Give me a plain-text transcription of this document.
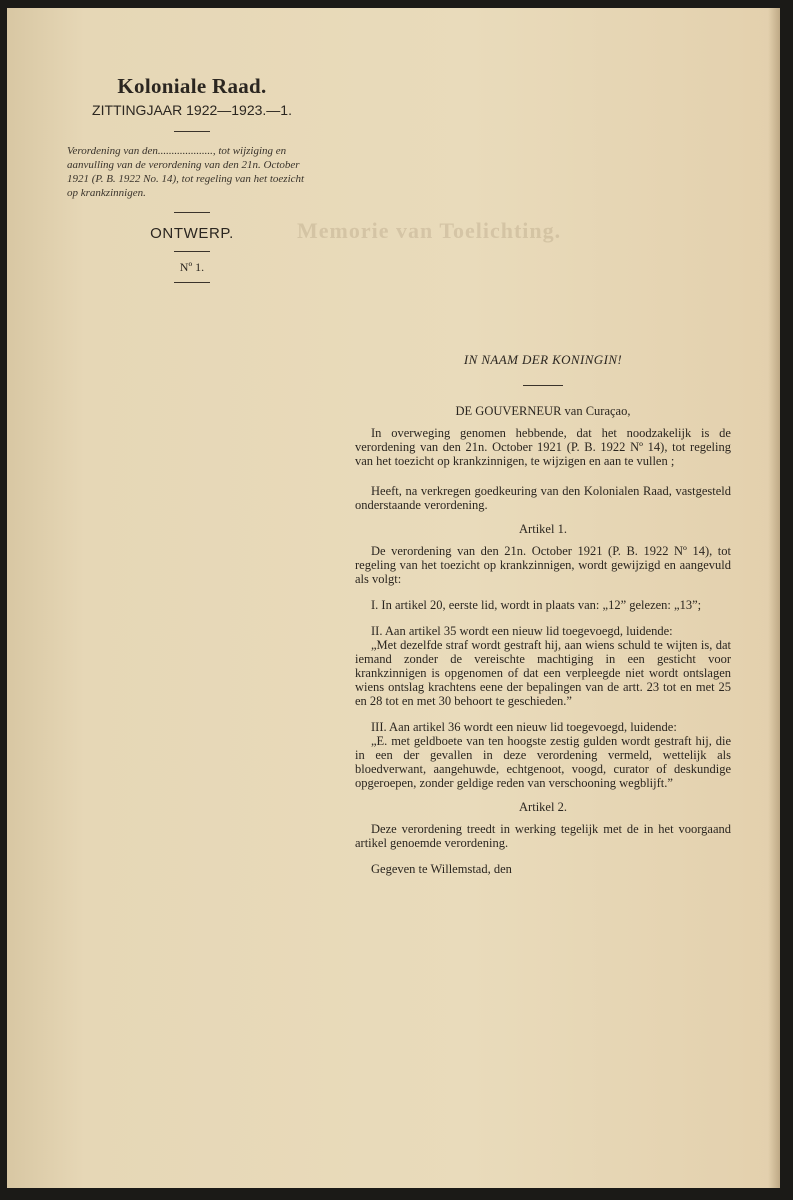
Memorie van Toelichting.

Koloniale Raad.

ZITTINGJAAR 1922—1923.—1.
Verordening van den...................., tot wijziging en aanvulling van de verordening van den 21n. October 1921 (P. B. 1922 No. 14), tot regeling van het toezicht op krankzinnigen.
ONTWERP.
Nº 1.
IN NAAM DER KONINGIN!
DE GOUVERNEUR van Curaçao,

In overweging genomen hebbende, dat het noodzakelijk is de verordening van den 21n. October 1921 (P. B. 1922 Nº 14), tot regeling van het toezicht op krankzinnigen, te wijzigen en aan te vullen ;

Heeft, na verkregen goedkeuring van den Kolonialen Raad, vastgesteld onderstaande verordening.

Artikel 1.

De verordening van den 21n. October 1921 (P. B. 1922 Nº 14), tot regeling van het toezicht op krankzinnigen, wordt gewijzigd en aangevuld als volgt:

I. In artikel 20, eerste lid, wordt in plaats van: „12” gelezen: „13”;

II. Aan artikel 35 wordt een nieuw lid toegevoegd, luidende:

„Met dezelfde straf wordt gestraft hij, aan wiens schuld te wijten is, dat iemand zonder de vereischte machtiging in een gesticht voor krankzinnigen is opgenomen of dat een verpleegde niet wordt ontslagen wiens ontslag krachtens eene der bepalingen van de artt. 23 tot en met 25 en 28 tot en met 30 behoort te geschieden.”

III. Aan artikel 36 wordt een nieuw lid toegevoegd, luidende:

„E. met geldboete van ten hoogste zestig gulden wordt gestraft hij, die in een der gevallen in deze verordening vermeld, wettelijk als bloedverwant, aangehuwde, echtgenoot, voogd, curator of deskundige opgeroepen, zonder geldige reden van verschooning wegblijft.”

Artikel 2.

Deze verordening treedt in werking tegelijk met de in het voorgaand artikel genoemde verordening.

Gegeven te Willemstad, den
